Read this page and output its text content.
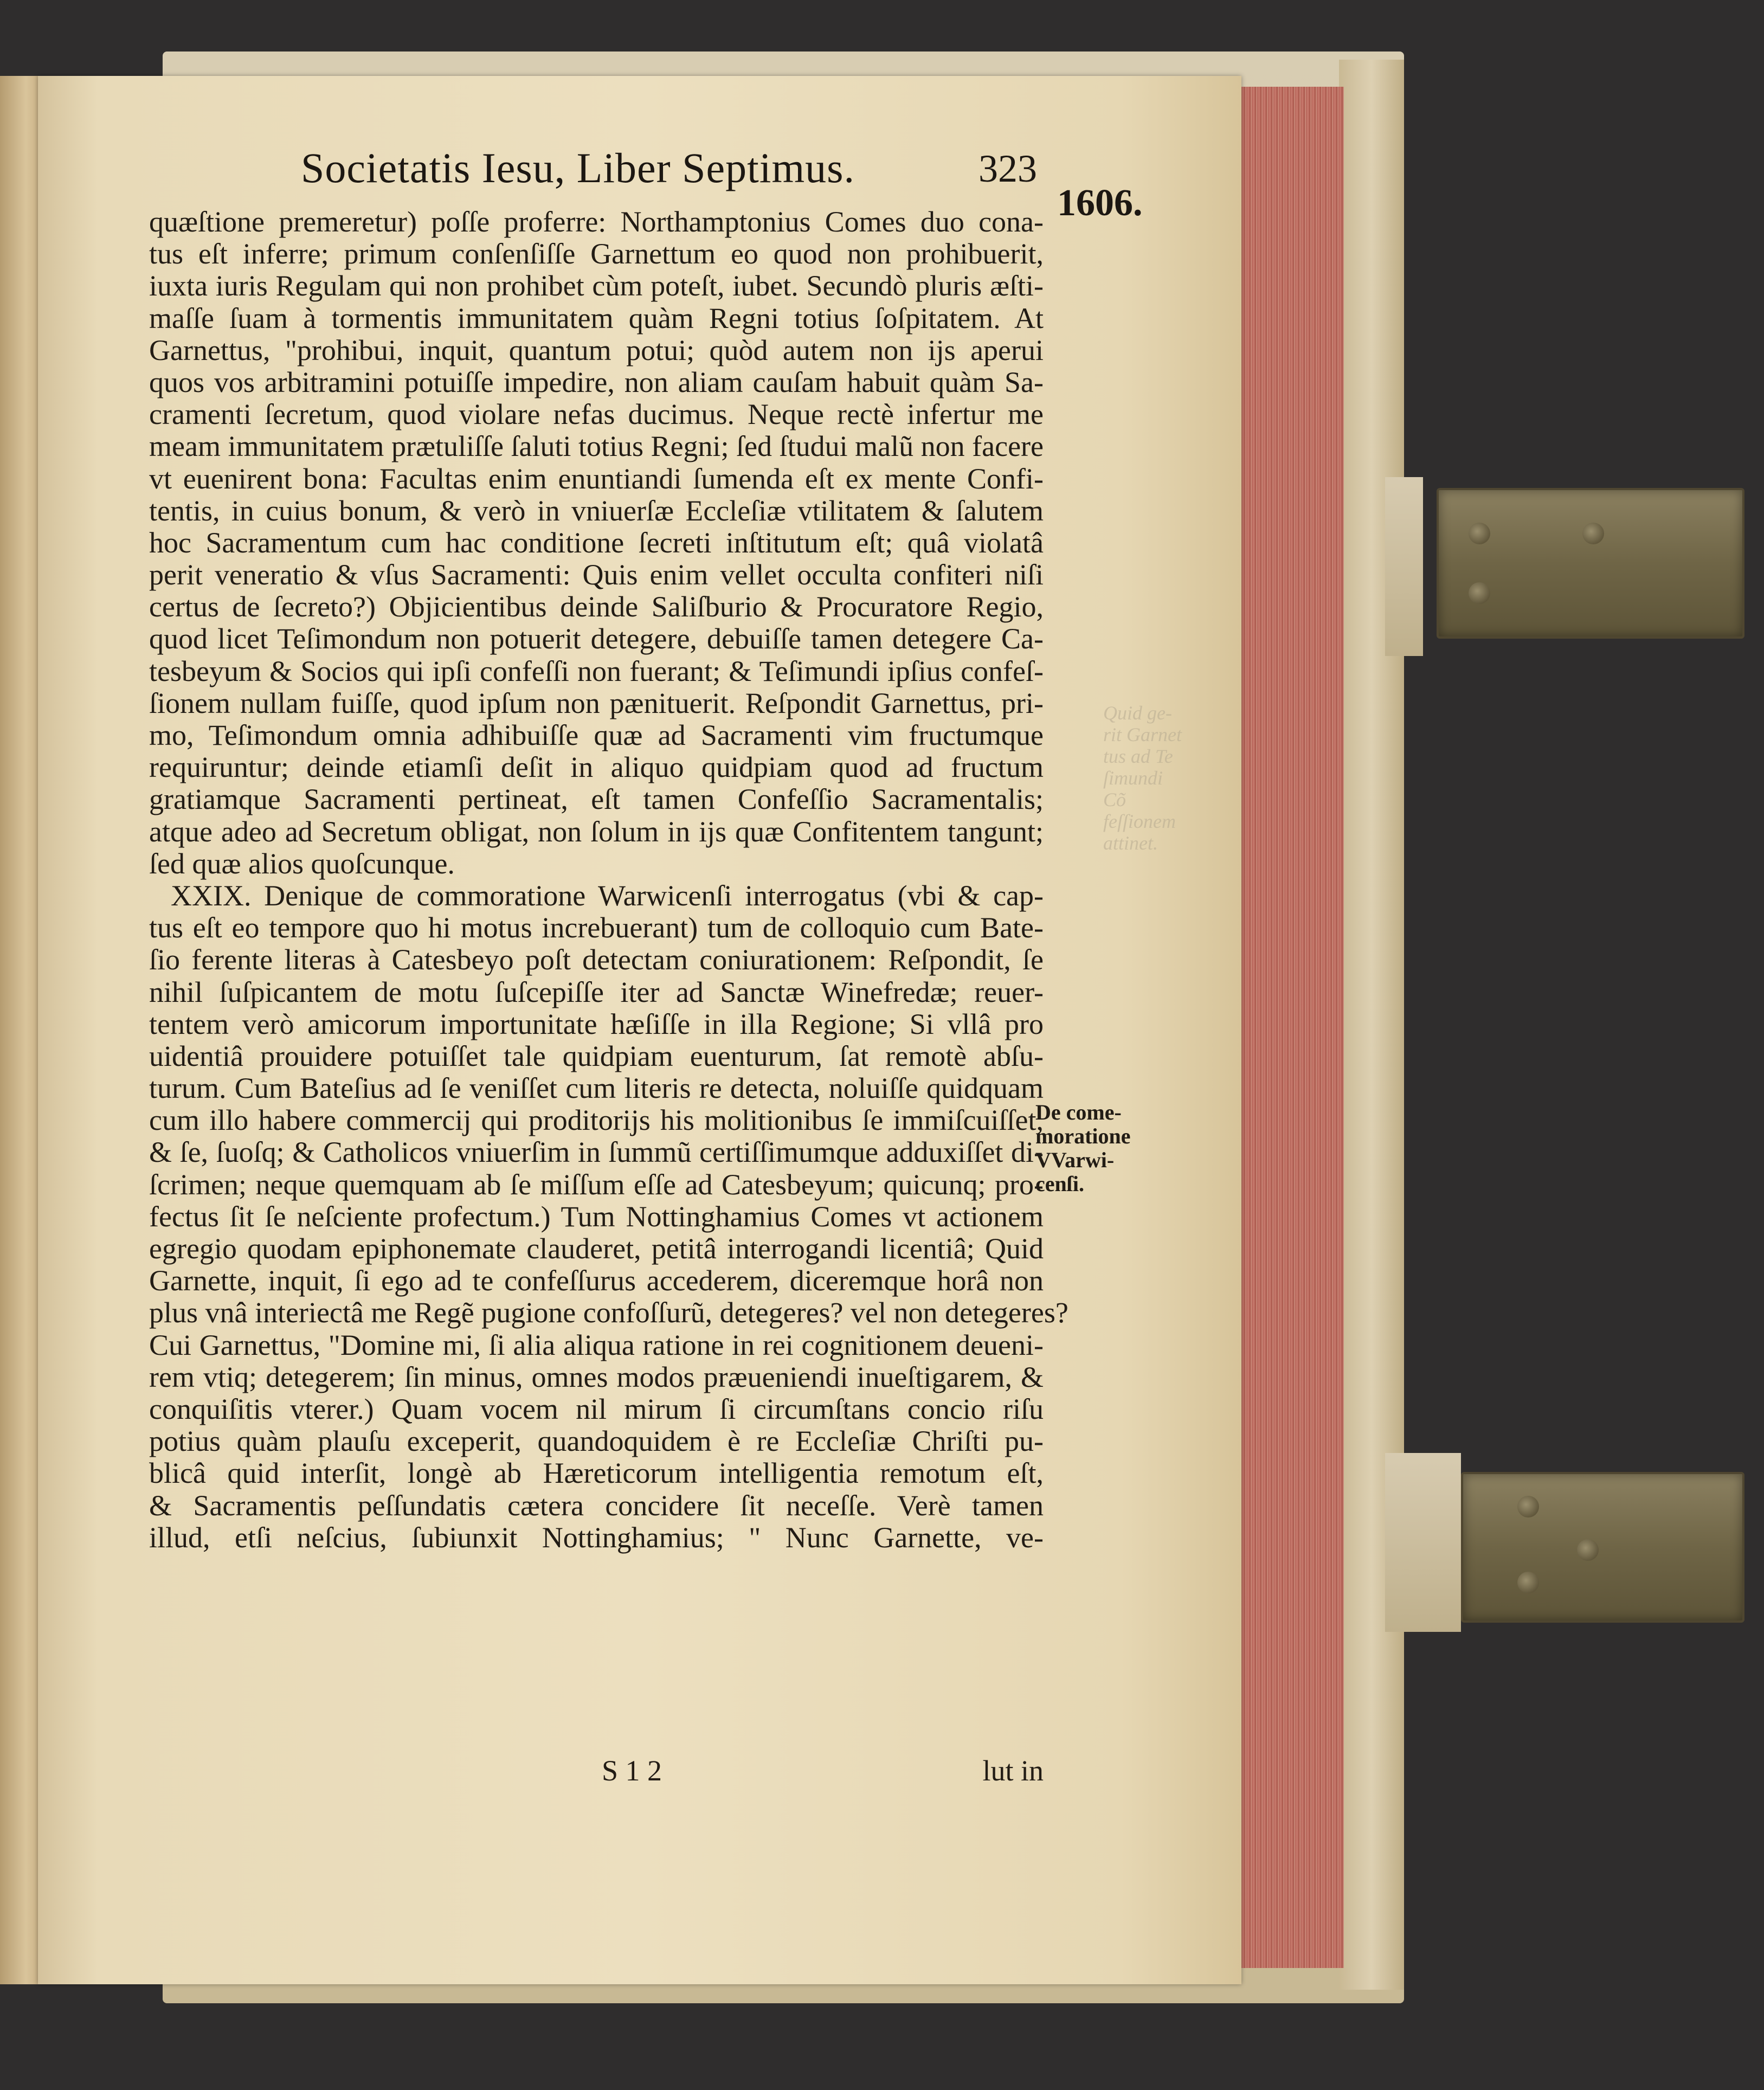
Societatis Iesu, Liber Septimus.	323
1606.
quæſtione premeretur) poſſe proferre: Northamptonius Comes duo cona-
tus eſt inferre; primum conſenſiſſe Garnettum eo quod non prohibuerit,
iuxta iuris Regulam qui non prohibet cùm poteſt, iubet. Secundò pluris æſti-
maſſe ſuam à tormentis immunitatem quàm Regni totius ſoſpitatem. At
Garnettus, "prohibui, inquit, quantum potui; quòd autem non ijs aperui
quos vos arbitramini potuiſſe impedire, non aliam cauſam habuit quàm Sa-
cramenti ſecretum, quod violare nefas ducimus. Neque rectè infertur me
meam immunitatem prætuliſſe ſaluti totius Regni; ſed ſtudui malũ non facere
vt euenirent bona: Facultas enim enuntiandi ſumenda eſt ex mente Confi-
tentis, in cuius bonum, & verò in vniuerſæ Eccleſiæ vtilitatem & ſalutem
hoc Sacramentum cum hac conditione ſecreti inſtitutum eſt; quâ violatâ
perit veneratio & vſus Sacramenti: Quis enim vellet occulta confiteri niſi
certus de ſecreto?) Objicientibus deinde Saliſburio & Procuratore Regio,
quod licet Teſimondum non potuerit detegere, debuiſſe tamen detegere Ca-
tesbeyum & Socios qui ipſi confeſſi non fuerant; & Teſimundi ipſius confeſ-
ſionem nullam fuiſſe, quod ipſum non pænituerit. Reſpondit Garnettus, pri-
mo, Teſimondum omnia adhibuiſſe quæ ad Sacramenti vim fructumque
requiruntur; deinde etiamſi deſit in aliquo quidpiam quod ad fructum
gratiamque Sacramenti pertineat, eſt tamen Confeſſio Sacramentalis;
atque adeo ad Secretum obligat, non ſolum in ijs quæ Confitentem tangunt;
ſed quæ alios quoſcunque.
XXIX. Denique de commoratione Warwicenſi interrogatus (vbi & cap-
tus eſt eo tempore quo hi motus increbuerant) tum de colloquio cum Bate-
ſio ferente literas à Catesbeyo poſt detectam coniurationem: Reſpondit, ſe
nihil ſuſpicantem de motu ſuſcepiſſe iter ad Sanctæ Winefredæ; reuer-
tentem verò amicorum importunitate hæſiſſe in illa Regione; Si vllâ pro
uidentiâ prouidere potuiſſet tale quidpiam euenturum, ſat remotè abſu-
turum. Cum Bateſius ad ſe veniſſet cum literis re detecta, noluiſſe quidquam
cum illo habere commercij qui proditorijs his molitionibus ſe immiſcuiſſet,
& ſe, ſuoſq; & Catholicos vniuerſim in ſummũ certiſſimumque adduxiſſet di-
ſcrimen; neque quemquam ab ſe miſſum eſſe ad Catesbeyum; quicunq; pro-
fectus ſit ſe neſciente profectum.) Tum Nottinghamius Comes vt actionem
egregio quodam epiphonemate clauderet, petitâ interrogandi licentiâ; Quid
Garnette, inquit, ſi ego ad te confeſſurus accederem, diceremque horâ non
plus vnâ interiectâ me Regẽ pugione confoſſurũ, detegeres? vel non detegeres?
Cui Garnettus, "Domine mi, ſi alia aliqua ratione in rei cognitionem deueni-
rem vtiq; detegerem; ſin minus, omnes modos præueniendi inueſtigarem, &
conquiſitis vterer.) Quam vocem nil mirum ſi circumſtans concio riſu
potius quàm plauſu exceperit, quandoquidem è re Eccleſiæ Chriſti pu-
blicâ quid interſit, longè ab Hæreticorum intelligentia remotum eſt,
& Sacramentis peſſundatis cætera concidere ſit neceſſe. Verè tamen
illud, etſi neſcius, ſubiunxit Nottinghamius; " Nunc Garnette, ve-
S 1 2	lut in
De come-
moratione
VVarwi-
cenſi.
Quid ge-
rit Garnet
tus ad Te
ſimundi Cõ
feſſionem
attinet.
